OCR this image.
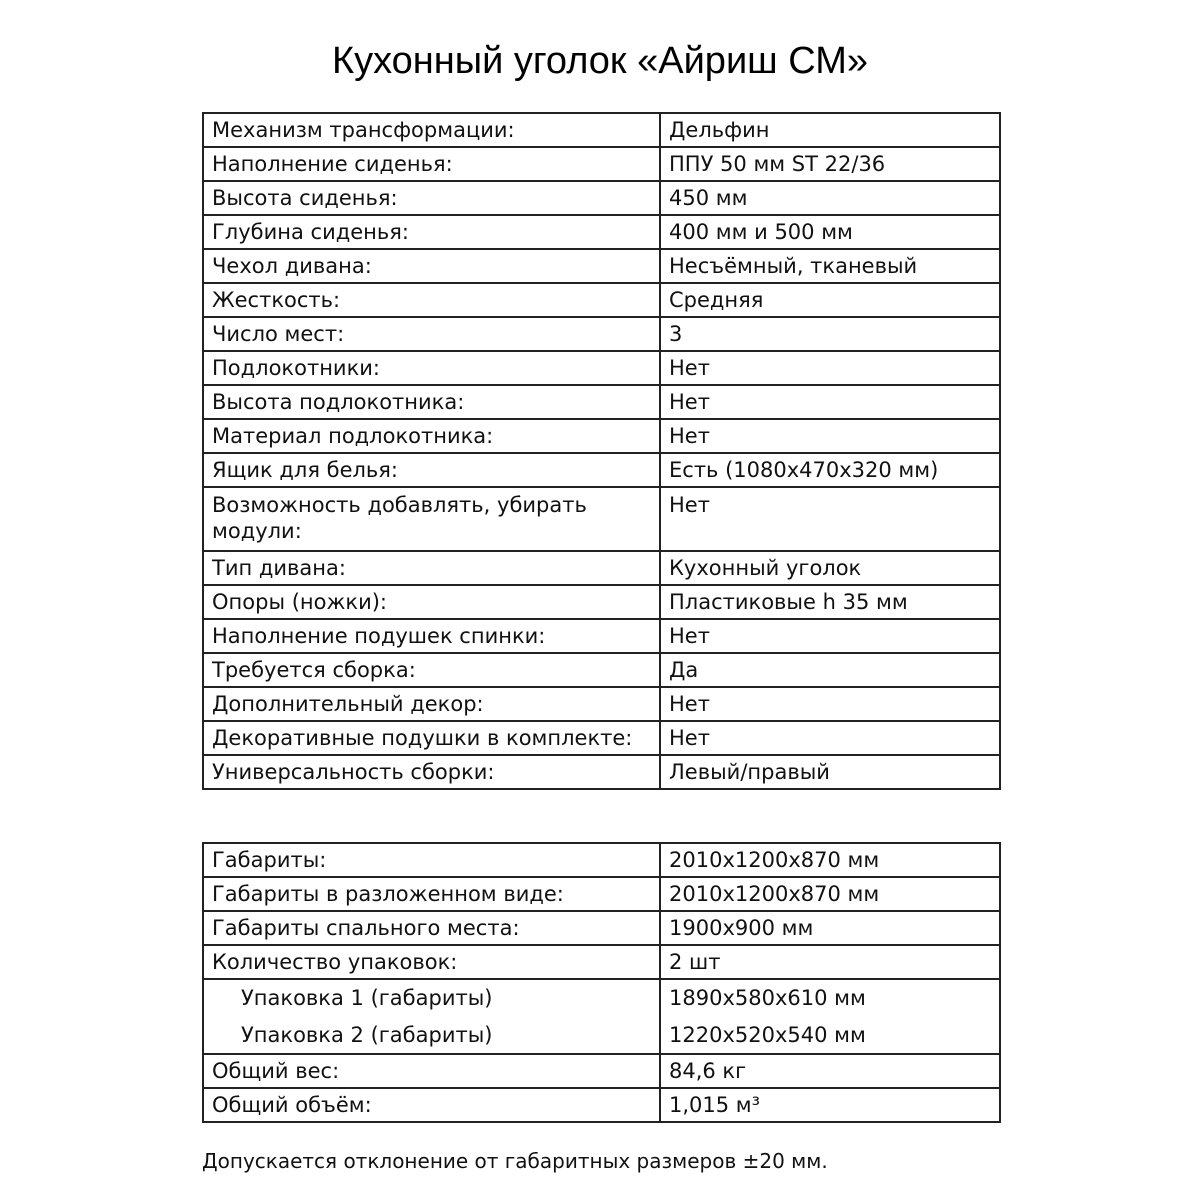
Кухонный уголок «Айриш СМ»
Механизм трансформации:	Дельфин
Наполнение сиденья:	ППУ 50 мм ST 22/36
Высота сиденья:	450 мм
Глубина сиденья:	400 мм и 500 мм
Чехол дивана:	Несъёмный, тканевый
Жесткость:	Средняя
Число мест:	3
Подлокотники:	Нет
Высота подлокотника:	Нет
Материал подлокотника:	Нет
Ящик для белья:	Есть (1080х470х320 мм)
Возможность добавлять, убирать модули:	Нет
Тип дивана:	Кухонный уголок
Опоры (ножки):	Пластиковые h 35 мм
Наполнение подушек спинки:	Нет
Требуется сборка:	Да
Дополнительный декор:	Нет
Декоративные подушки в комплекте:	Нет
Универсальность сборки:	Левый/правый
Габариты:	2010х1200х870 мм
Габариты в разложенном виде:	2010х1200х870 мм
Габариты спального места:	1900х900 мм
Количество упаковок:	2 шт
Упаковка 1 (габариты)	1890х580х610 мм
Упаковка 2 (габариты)	1220х520х540 мм
Общий вес:	84,6 кг
Общий объём:	1,015 м³
Допускается отклонение от габаритных размеров ±20 мм.
